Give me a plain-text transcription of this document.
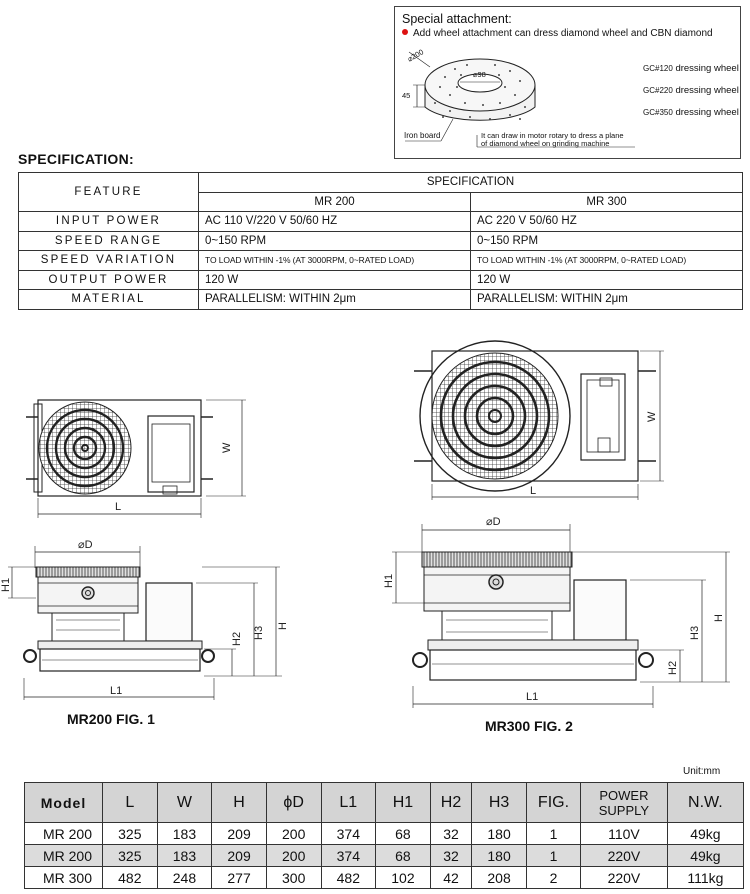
Special attachment:
Add wheel attachment can dress diamond wheel and CBN diamond
⌀200
⌀98
45
GC#120 dressing wheel
GC#220 dressing wheel
GC#350 dressing wheel
Iron board	It can draw in motor rotary to dress a plane
of diamond wheel on grinding machine
SPECIFICATION:
FEATURE	SPECIFICATION	
	MR 200	MR 300
INPUT POWER	AC 110 V/220 V 50/60 HZ	AC 220 V 50/60 HZ
SPEED RANGE	0~150 RPM	0~150 RPM
SPEED VARIATION	TO LOAD WITHIN -1% (AT 3000RPM, 0~RATED LOAD)	TO LOAD WITHIN -1% (AT 3000RPM, 0~RATED LOAD)
OUTPUT POWER	120 W	120 W
MATERIAL	PARALLELISM: WITHIN 2μm	PARALLELISM: WITHIN 2μm
L
W
L
W
⌀D
H1
H
H3
H2
L1
⌀D
H1
H
H3
H2
L1
MR200 FIG. 1	MR300 FIG. 2
Unit:mm
Model	L	W	H	ϕD	L1	H1	H2	H3	FIG.	POWER
SUPPLY	N.W.
MR 200	325	183	209	200	374	68	32	180	1	110V	49kg
MR 200	325	183	209	200	374	68	32	180	1	220V	49kg
MR 300	482	248	277	300	482	102	42	208	2	220V	111kg
